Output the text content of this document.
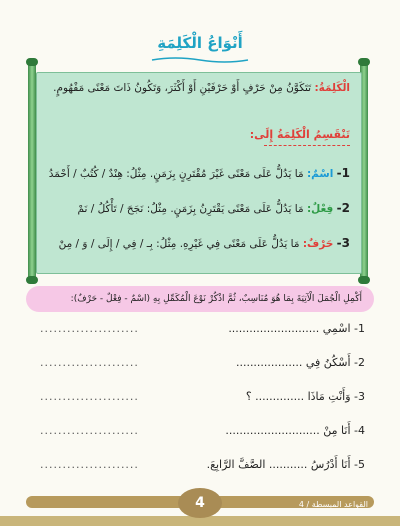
أَنْوَاعُ الْكَلِمَةِ
الْكَلِمَةُ: تَتَكَوَّنُ مِنْ حَرْفٍ أَوْ حَرْفَيْنِ أَوْ أَكْثَرَ، وَتَكُونُ ذَاتَ مَعْنًى مَفْهُومٍ.
تَنْقَسِمُ الْكَلِمَةُ إِلَى:
1- اسْمٌ: مَا يَدُلُّ عَلَى مَعْنًى غَيْرَ مُقْتَرِنٍ بِزَمَنٍ. مِثْلُ: هِنْدٌ / كُتُبٌ / أَحْمَدُ
2- فِعْلٌ: مَا يَدُلُّ عَلَى مَعْنًى يَقْتَرِنُ بِزَمَنٍ. مِثْلُ: نَجَحَ / تَأْكُلُ / نَمْ
3- حَرْفٌ: مَا يَدُلُّ عَلَى مَعْنًى فِي غَيْرِهِ. مِثْلُ: بِـ / فِي / إِلَى / وَ / مِنْ
أَكْمِلِ الْجُمَلَ الْآتِيَةَ بِمَا هُوَ مُنَاسِبٌ، ثُمَّ اذْكُرْ نَوْعَ الْمُكَمِّلِ بِهِ (اسْمٌ - فِعْلٌ - حَرْفٌ):
1- اسْمِي ..........................
......................
2- أَسْكُنُ فِي ...................
......................
3- وَأَنْتِ مَاذَا .............. ؟
......................
4- أَنَا مِنْ ...........................
......................
5- أَنَا أَدْرُسُ ........... الصَّفَّ الرَّابِعَ.
......................
القواعد المبسطة / 4
4
